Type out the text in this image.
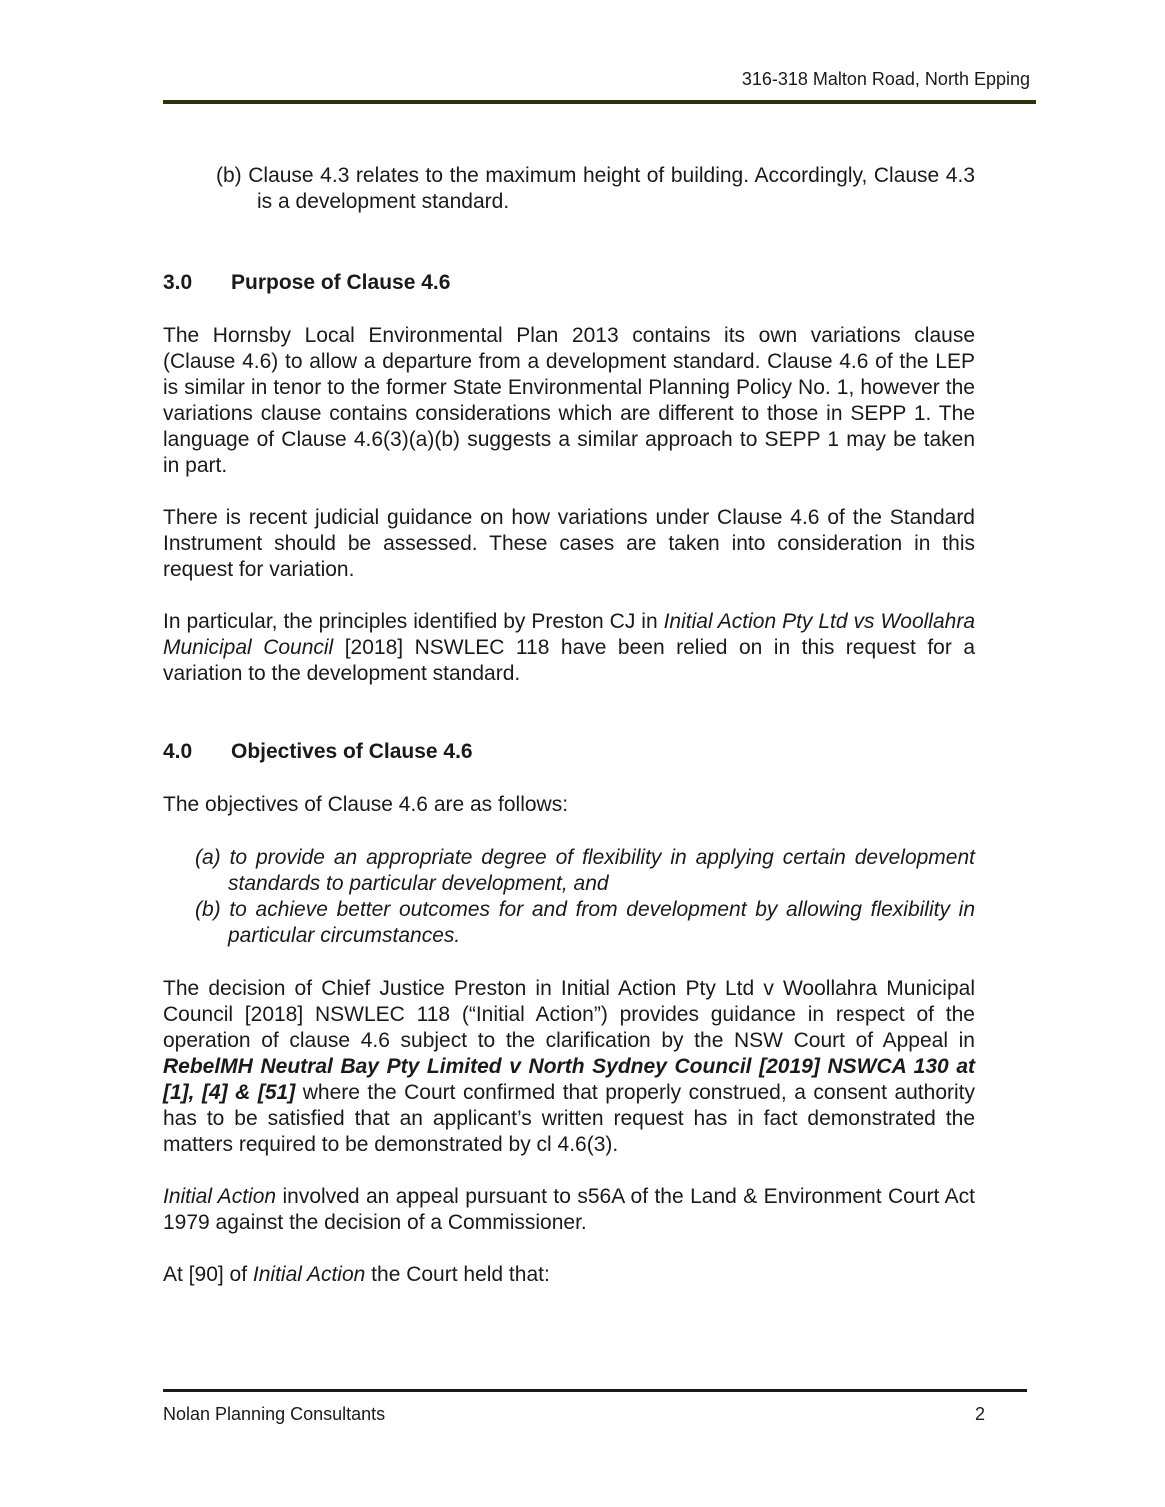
316-318 Malton Road, North Epping

(b) Clause 4.3 relates to the maximum height of building. Accordingly, Clause 4.3 is a development standard.

3.0	Purpose of Clause 4.6

The Hornsby Local Environmental Plan 2013 contains its own variations clause (Clause 4.6) to allow a departure from a development standard. Clause 4.6 of the LEP is similar in tenor to the former State Environmental Planning Policy No. 1, however the variations clause contains considerations which are different to those in SEPP 1. The language of Clause 4.6(3)(a)(b) suggests a similar approach to SEPP 1 may be taken in part.

There is recent judicial guidance on how variations under Clause 4.6 of the Standard Instrument should be assessed. These cases are taken into consideration in this request for variation.

In particular, the principles identified by Preston CJ in Initial Action Pty Ltd vs Woollahra Municipal Council [2018] NSWLEC 118 have been relied on in this request for a variation to the development standard.

4.0	Objectives of Clause 4.6

The objectives of Clause 4.6 are as follows:

(a) to provide an appropriate degree of flexibility in applying certain development standards to particular development, and

(b) to achieve better outcomes for and from development by allowing flexibility in particular circumstances.

The decision of Chief Justice Preston in Initial Action Pty Ltd v Woollahra Municipal Council [2018] NSWLEC 118 (“Initial Action”) provides guidance in respect of the operation of clause 4.6 subject to the clarification by the NSW Court of Appeal in RebelMH Neutral Bay Pty Limited v North Sydney Council [2019] NSWCA 130 at [1], [4] & [51] where the Court confirmed that properly construed, a consent authority has to be satisfied that an applicant’s written request has in fact demonstrated the matters required to be demonstrated by cl 4.6(3).

Initial Action involved an appeal pursuant to s56A of the Land & Environment Court Act 1979 against the decision of a Commissioner.

At [90] of Initial Action the Court held that:

Nolan Planning Consultants	2
